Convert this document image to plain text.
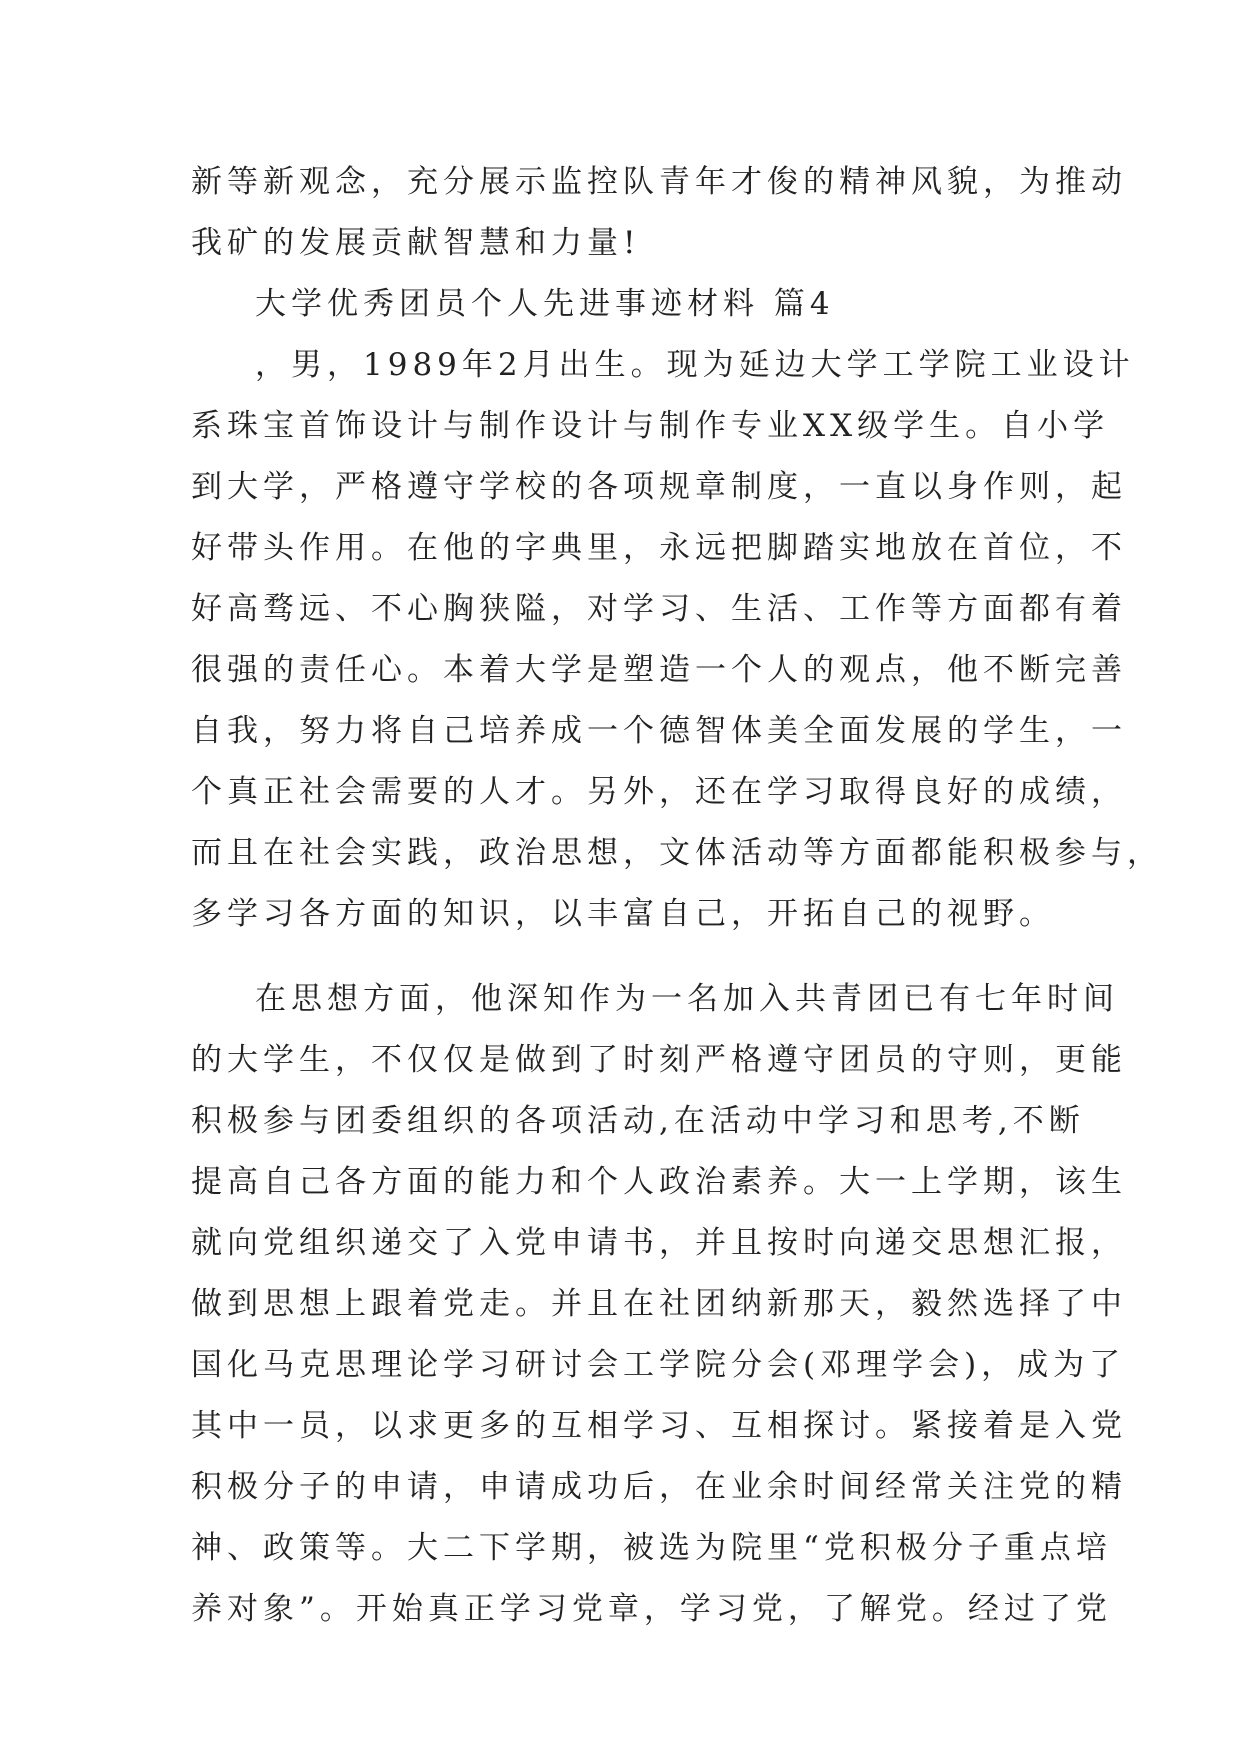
新等新观念，充分展示监控队青年才俊的精神风貌，为推动
我矿的发展贡献智慧和力量!
大学优秀团员个人先进事迹材料 篇4
，男，1989年2月出生。现为延边大学工学院工业设计
系珠宝首饰设计与制作设计与制作专业XX级学生。自小学
到大学，严格遵守学校的各项规章制度，一直以身作则，起
好带头作用。在他的字典里，永远把脚踏实地放在首位，不
好高骛远、不心胸狭隘，对学习、生活、工作等方面都有着
很强的责任心。本着大学是塑造一个人的观点，他不断完善
自我，努力将自己培养成一个德智体美全面发展的学生，一
个真正社会需要的人才。另外，还在学习取得良好的成绩，
而且在社会实践，政治思想，文体活动等方面都能积极参与，
多学习各方面的知识，以丰富自己，开拓自己的视野。
在思想方面，他深知作为一名加入共青团已有七年时间
的大学生，不仅仅是做到了时刻严格遵守团员的守则，更能
积极参与团委组织的各项活动,在活动中学习和思考,不断
提高自己各方面的能力和个人政治素养。大一上学期，该生
就向党组织递交了入党申请书，并且按时向递交思想汇报，
做到思想上跟着党走。并且在社团纳新那天，毅然选择了中
国化马克思理论学习研讨会工学院分会(邓理学会)，成为了
其中一员，以求更多的互相学习、互相探讨。紧接着是入党
积极分子的申请，申请成功后，在业余时间经常关注党的精
神、政策等。大二下学期，被选为院里“党积极分子重点培
养对象”。开始真正学习党章，学习党，了解党。经过了党
